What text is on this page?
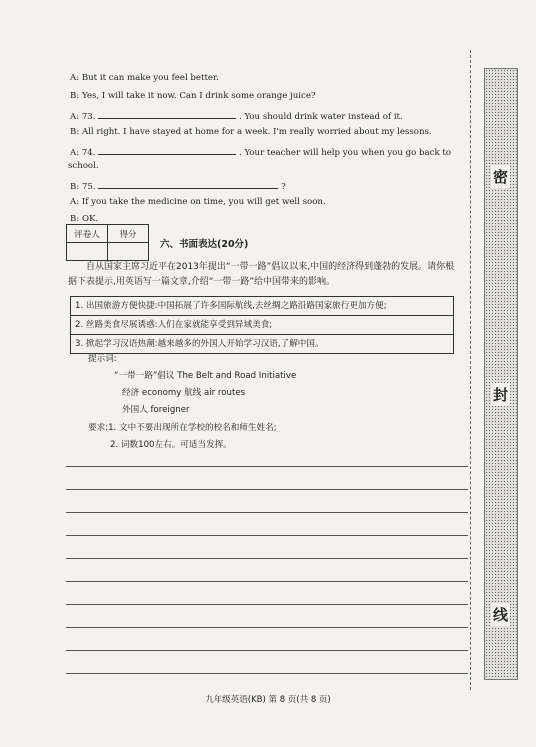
A: But it can make you feel better.
B: Yes, I will take it now. Can I drink some orange juice?
A: 73.	. You should drink water instead of it.
B: All right. I have stayed at home for a week. I'm really worried about my lessons.
A: 74.	. Your teacher will help you when you go back to
school.
B: 75.	?
A: If you take the medicine on time, you will get well soon.
B: OK.
评卷人	得分

六、书面表达(20分)
自从国家主席习近平在2013年提出“一带一路”倡议以来,中国的经济得到蓬勃的发展。请你根据下表提示,用英语写一篇文章,介绍“一带一路”给中国带来的影响。
1. 出国旅游方便快捷:中国拓展了许多国际航线,去丝绸之路沿路国家旅行更加方便;
2. 丝路美食尽展诱惑:人们在家就能享受到异域美食;
3. 掀起学习汉语热潮:越来越多的外国人开始学习汉语,了解中国。
提示词:
“一带一路”倡议 The Belt and Road Initiative
经济 economy 航线 air routes
外国人 foreigner
要求:1. 文中不要出现所在学校的校名和师生姓名;
2. 词数100左右。可适当发挥。
密
封
线
九年级英语(KB) 第 8 页(共 8 页)
